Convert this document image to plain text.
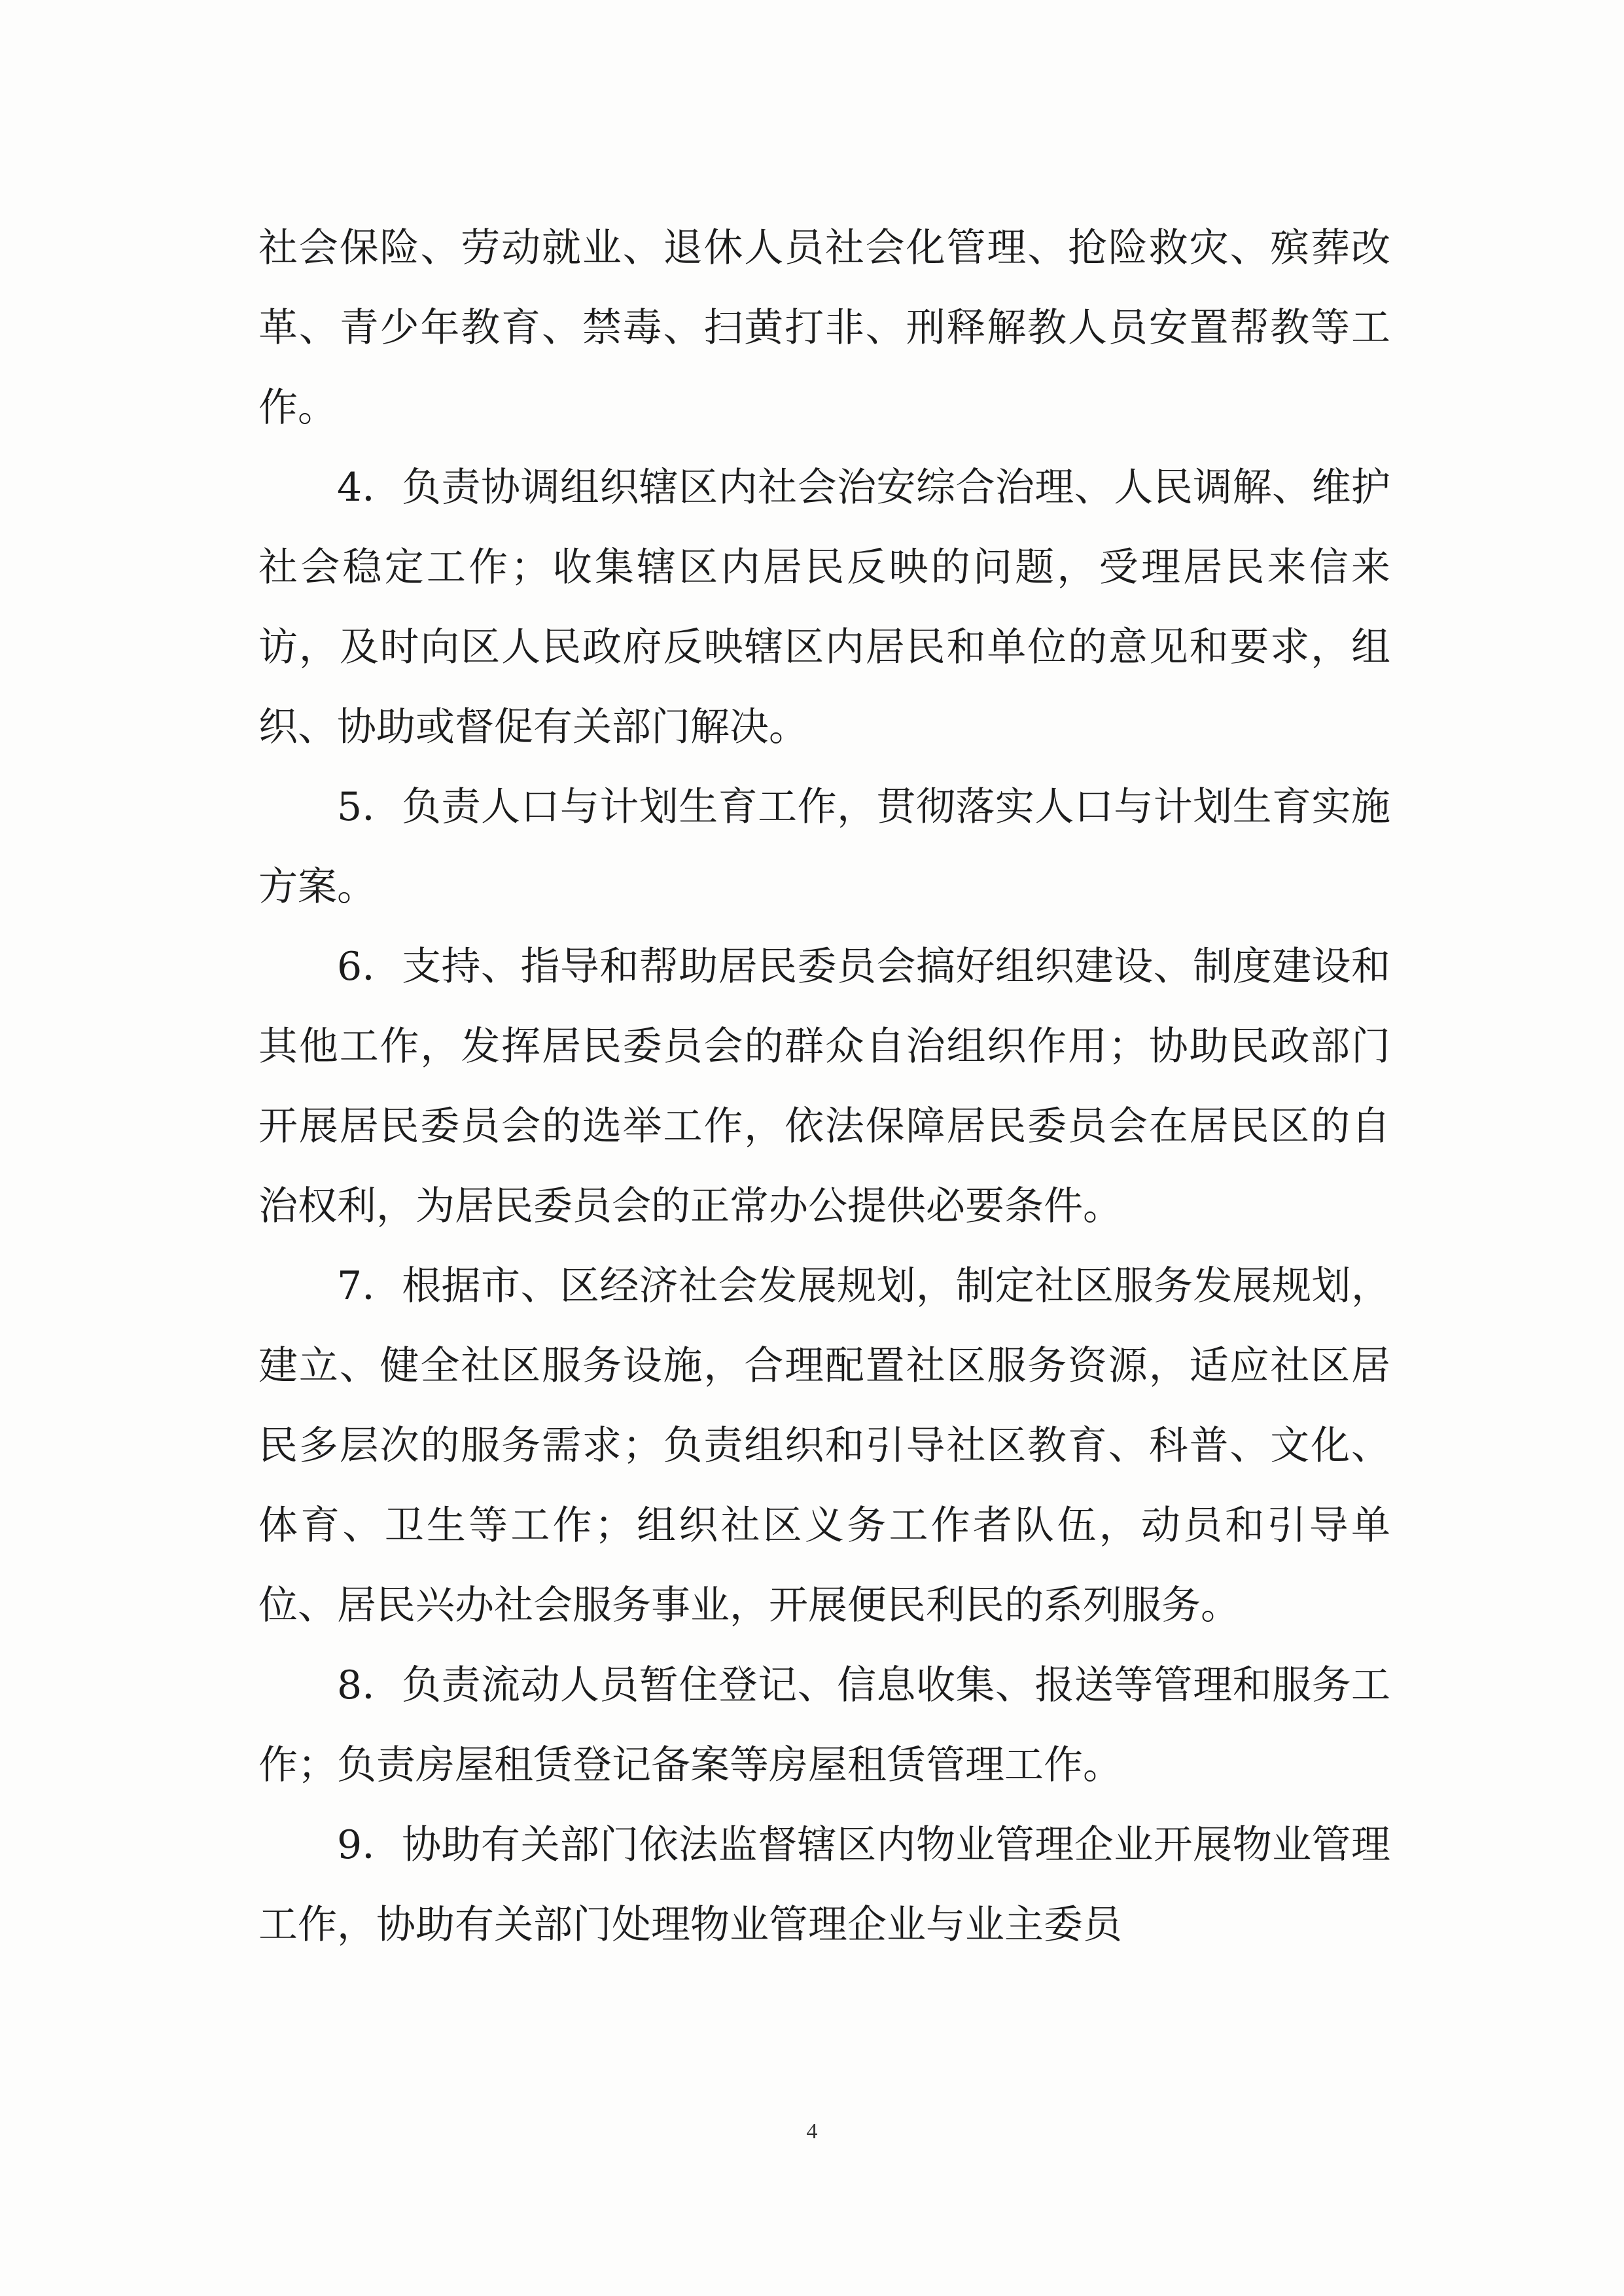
社会保险、劳动就业、退休人员社会化管理、抢险救灾、殡葬改革、青少年教育、禁毒、扫黄打非、刑释解教人员安置帮教等工作。

4．负责协调组织辖区内社会治安综合治理、人民调解、维护社会稳定工作；收集辖区内居民反映的问题，受理居民来信来访，及时向区人民政府反映辖区内居民和单位的意见和要求，组织、协助或督促有关部门解决。

5．负责人口与计划生育工作，贯彻落实人口与计划生育实施方案。

6．支持、指导和帮助居民委员会搞好组织建设、制度建设和其他工作，发挥居民委员会的群众自治组织作用；协助民政部门开展居民委员会的选举工作，依法保障居民委员会在居民区的自治权利，为居民委员会的正常办公提供必要条件。

7．根据市、区经济社会发展规划，制定社区服务发展规划，建立、健全社区服务设施，合理配置社区服务资源，适应社区居民多层次的服务需求；负责组织和引导社区教育、科普、文化、体育、卫生等工作；组织社区义务工作者队伍，动员和引导单位、居民兴办社会服务事业，开展便民利民的系列服务。

8．负责流动人员暂住登记、信息收集、报送等管理和服务工作；负责房屋租赁登记备案等房屋租赁管理工作。

9．协助有关部门依法监督辖区内物业管理企业开展物业管理工作，协助有关部门处理物业管理企业与业主委员

4
